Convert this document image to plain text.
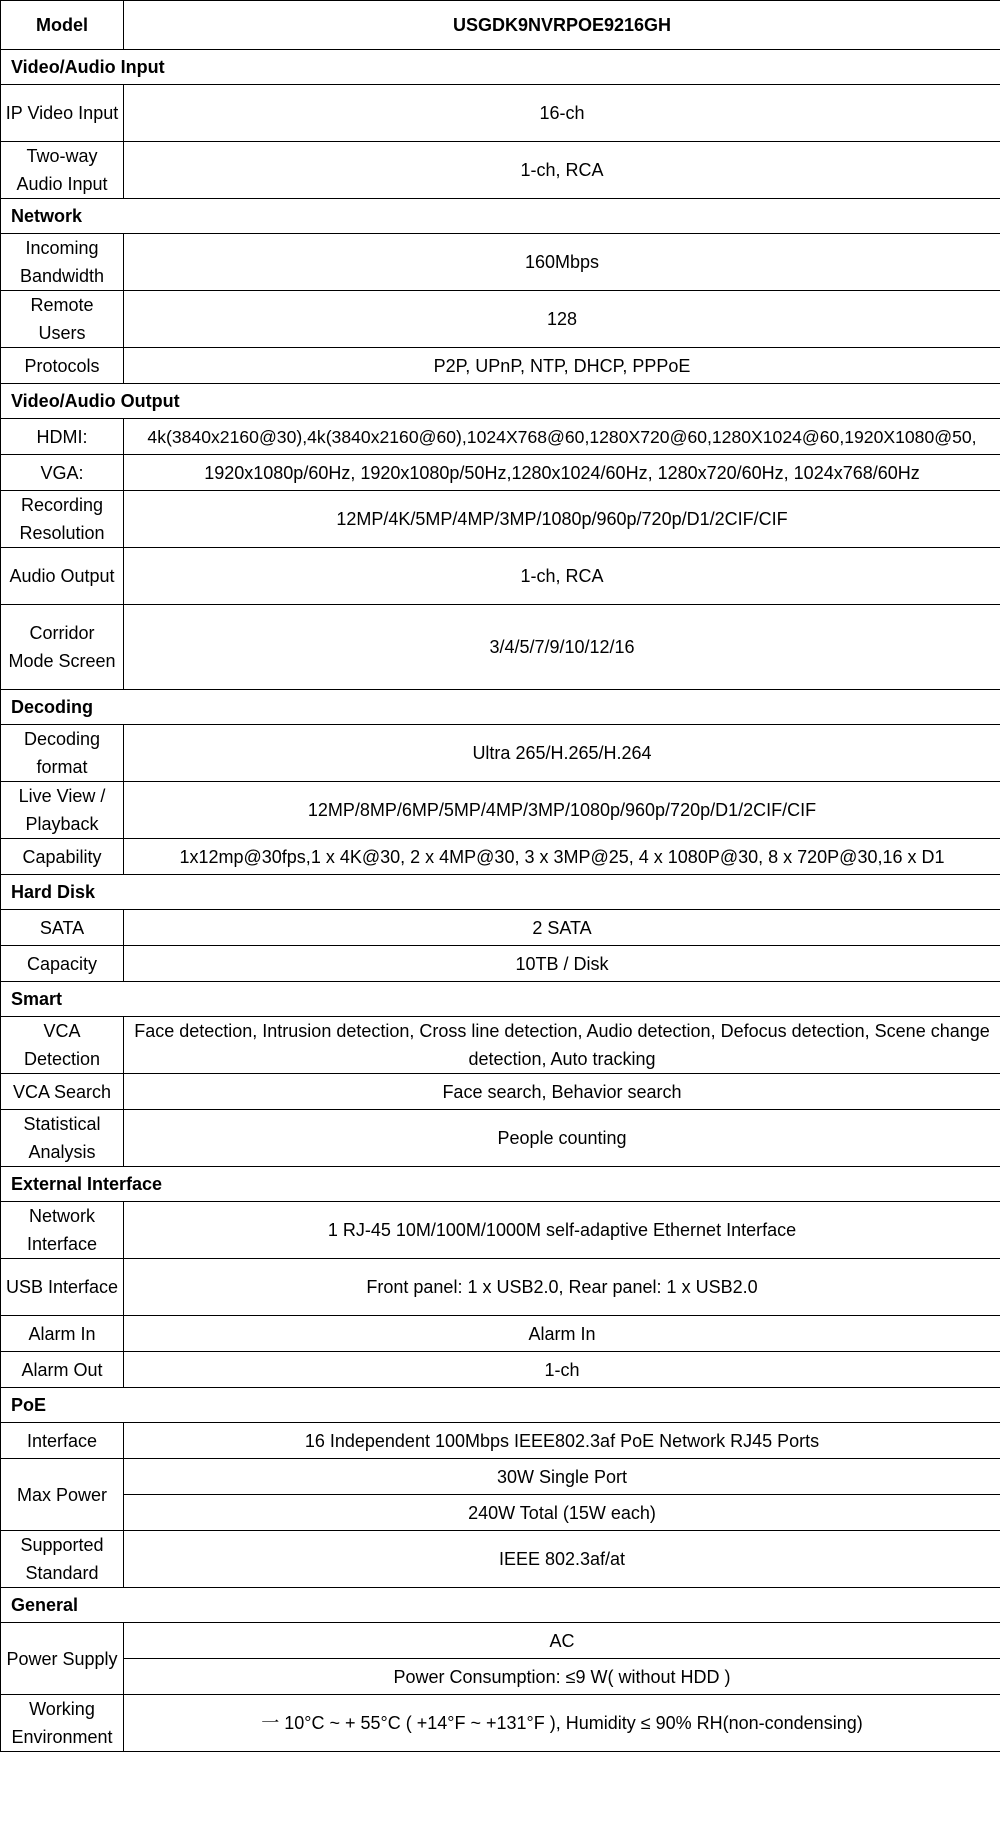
Model	USGDK9NVRPOE9216GH
Video/Audio Input	
IP Video Input	16-ch
Two-way Audio Input	1-ch, RCA
Network	
Incoming Bandwidth	160Mbps
Remote Users	128
Protocols	P2P, UPnP, NTP, DHCP, PPPoE
Video/Audio Output	
HDMI:	4k(3840x2160@30),4k(3840x2160@60),1024X768@60,1280X720@60,1280X1024@60,1920X1080@50,
VGA:	1920x1080p/60Hz, 1920x1080p/50Hz,1280x1024/60Hz, 1280x720/60Hz, 1024x768/60Hz
Recording Resolution	12MP/4K/5MP/4MP/3MP/1080p/960p/720p/D1/2CIF/CIF
Audio Output	1-ch, RCA
Corridor Mode Screen	3/4/5/7/9/10/12/16
Decoding	
Decoding format	Ultra 265/H.265/H.264
Live View / Playback	12MP/8MP/6MP/5MP/4MP/3MP/1080p/960p/720p/D1/2CIF/CIF
Capability	1x12mp@30fps,1 x 4K@30, 2 x 4MP@30, 3 x 3MP@25, 4 x 1080P@30, 8 x 720P@30,16 x D1
Hard Disk	
SATA	2 SATA
Capacity	10TB / Disk
Smart	
VCA Detection	Face detection, Intrusion detection, Cross line detection, Audio detection, Defocus detection, Scene change detection, Auto tracking
VCA Search	Face search, Behavior search
Statistical Analysis	People counting
External Interface	
Network Interface	1 RJ-45 10M/100M/1000M self-adaptive Ethernet Interface
USB Interface	Front panel: 1 x USB2.0, Rear panel: 1 x USB2.0
Alarm In	Alarm In
Alarm Out	1-ch
PoE	
Interface	16 Independent 100Mbps IEEE802.3af PoE Network RJ45 Ports
Max Power	30W Single Port
	240W Total (15W each)
Supported Standard	IEEE 802.3af/at
General	
Power Supply	AC
	Power Consumption: ≤9 W( without HDD )
Working Environment	一 10°C ~ + 55°C ( +14°F ~ +131°F ), Humidity ≤ 90% RH(non-condensing)
